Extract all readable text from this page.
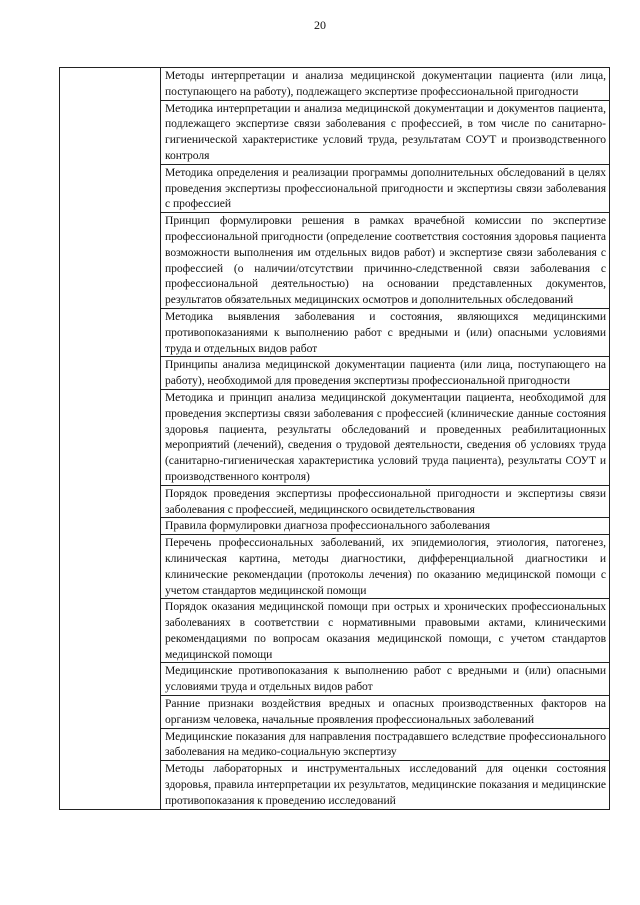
20
	Методы интерпретации и анализа медицинской документации пациента (или лица, поступающего на работу), подлежащего экспертизе профессиональной пригодности
Методика интерпретации и анализа медицинской документации и документов пациента, подлежащего экспертизе связи заболевания с профессией, в том числе по санитарно-гигиенической характеристике условий труда, результатам СОУТ и производственного контроля
Методика определения и реализации программы дополнительных обследований в целях проведения экспертизы профессиональной пригодности и экспертизы связи заболевания с профессией
Принцип формулировки решения в рамках врачебной комиссии по экспертизе профессиональной пригодности (определение соответствия состояния здоровья пациента возможности выполнения им отдельных видов работ) и экспертизе связи заболевания с профессией (о наличии/отсутствии причинно-следственной связи заболевания с профессиональной деятельностью) на основании представленных документов, результатов обязательных медицинских осмотров и дополнительных обследований
Методика выявления заболевания и состояния, являющихся медицинскими противопоказаниями к выполнению работ с вредными и (или) опасными условиями труда и отдельных видов работ
Принципы анализа медицинской документации пациента (или лица, поступающего на работу), необходимой для проведения экспертизы профессиональной пригодности
Методика и принцип анализа медицинской документации пациента, необходимой для проведения экспертизы связи заболевания с профессией (клинические данные состояния здоровья пациента, результаты обследований и проведенных реабилитационных мероприятий (лечений), сведения о трудовой деятельности, сведения об условиях труда (санитарно-гигиеническая характеристика условий труда пациента), результаты СОУТ и производственного контроля)
Порядок проведения экспертизы профессиональной пригодности и экспертизы связи заболевания с профессией, медицинского освидетельствования
Правила формулировки диагноза профессионального заболевания
Перечень профессиональных заболеваний, их эпидемиология, этиология, патогенез, клиническая картина, методы диагностики, дифференциальной диагностики и клинические рекомендации (протоколы лечения) по оказанию медицинской помощи с учетом стандартов медицинской помощи
Порядок оказания медицинской помощи при острых и хронических профессиональных заболеваниях в соответствии с нормативными правовыми актами, клиническими рекомендациями по вопросам оказания медицинской помощи, с учетом стандартов медицинской помощи
Медицинские противопоказания к выполнению работ с вредными и (или) опасными условиями труда и отдельных видов работ
Ранние признаки воздействия вредных и опасных производственных факторов на организм человека, начальные проявления профессиональных заболеваний
Медицинские показания для направления пострадавшего вследствие профессионального заболевания на медико-социальную экспертизу
Методы лабораторных и инструментальных исследований для оценки состояния здоровья, правила интерпретации их результатов, медицинские показания и медицинские противопоказания к проведению исследований
